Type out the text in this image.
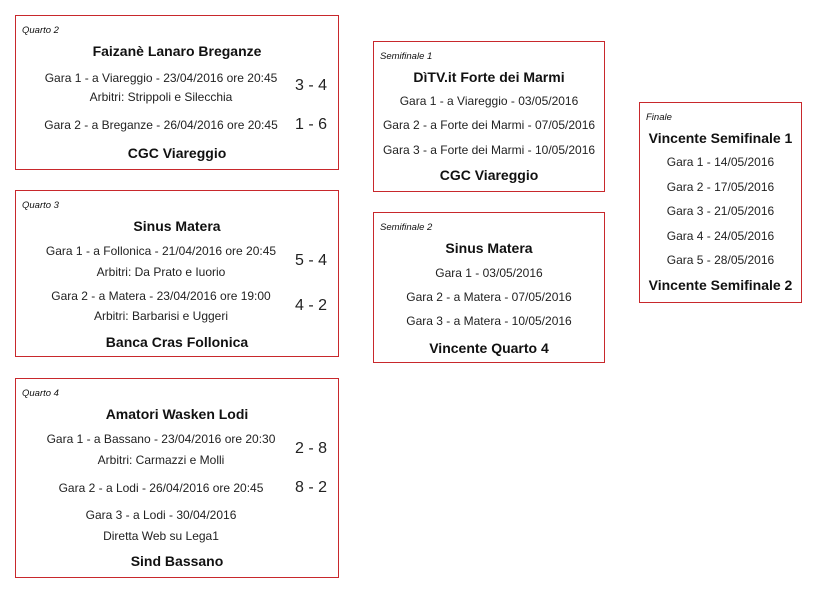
Quarto 2
Faizanè Lanaro Breganze
Gara 1 - a Viareggio - 23/04/2016 ore 20:45
Arbitri: Strippoli e Silecchia
3 - 4
Gara 2 - a Breganze - 26/04/2016 ore 20:45	1 - 6
CGC Viareggio
Quarto 3
Sinus Matera
Gara 1 - a Follonica - 21/04/2016 ore 20:45
Arbitri: Da Prato e Iuorio
5 - 4
Gara 2 - a Matera - 23/04/2016 ore 19:00
Arbitri: Barbarisi e Uggeri
4 - 2
Banca Cras Follonica
Quarto 4
Amatori Wasken Lodi
Gara 1 - a Bassano - 23/04/2016 ore 20:30
Arbitri: Carmazzi e Molli
2 - 8
Gara 2 - a Lodi - 26/04/2016 ore 20:45	8 - 2
Gara 3 - a Lodi - 30/04/2016
Diretta Web su Lega1
Sind Bassano
Semifinale 1
DìTV.it Forte dei Marmi
Gara 1 - a Viareggio - 03/05/2016
Gara 2 - a Forte dei Marmi - 07/05/2016
Gara 3 - a Forte dei Marmi - 10/05/2016
CGC Viareggio
Semifinale 2
Sinus Matera
Gara 1 - 03/05/2016
Gara 2 - a Matera - 07/05/2016
Gara 3 - a Matera - 10/05/2016
Vincente Quarto 4
Finale
Vincente Semifinale 1
Gara 1 - 14/05/2016
Gara 2 - 17/05/2016
Gara 3 - 21/05/2016
Gara 4 - 24/05/2016
Gara 5 - 28/05/2016
Vincente Semifinale 2
